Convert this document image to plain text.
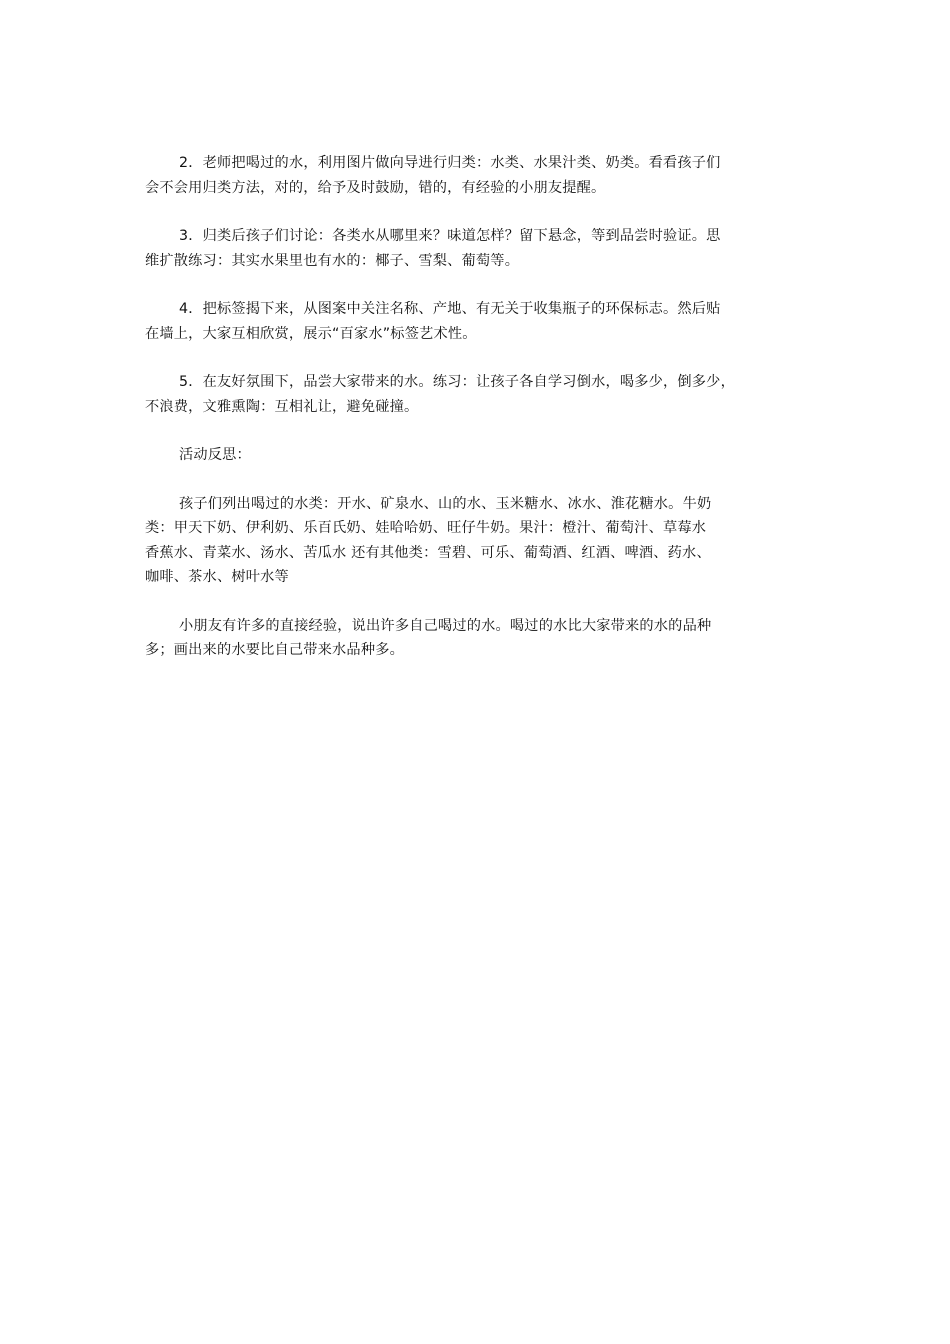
2．老师把喝过的水，利用图片做向导进行归类：水类、水果汁类、奶类。看看孩子们
会不会用归类方法，对的，给予及时鼓励，错的，有经验的小朋友提醒。

3．归类后孩子们讨论：各类水从哪里来？味道怎样？留下悬念，等到品尝时验证。思
维扩散练习：其实水果里也有水的：椰子、雪梨、葡萄等。

4．把标签揭下来，从图案中关注名称、产地、有无关于收集瓶子的环保标志。然后贴
在墙上，大家互相欣赏，展示“百家水”标签艺术性。

5．在友好氛围下，品尝大家带来的水。练习：让孩子各自学习倒水，喝多少，倒多少，
不浪费，文雅熏陶：互相礼让，避免碰撞。

活动反思：

孩子们列出喝过的水类：开水、矿泉水、山的水、玉米糖水、冰水、淮花糖水。牛奶
类：甲天下奶、伊利奶、乐百氏奶、娃哈哈奶、旺仔牛奶。果汁：橙汁、葡萄汁、草莓水
香蕉水、青菜水、汤水、苦瓜水 还有其他类：雪碧、可乐、葡萄酒、红酒、啤酒、药水、
咖啡、茶水、树叶水等

小朋友有许多的直接经验，说出许多自己喝过的水。喝过的水比大家带来的水的品种
多；画出来的水要比自己带来水品种多。
